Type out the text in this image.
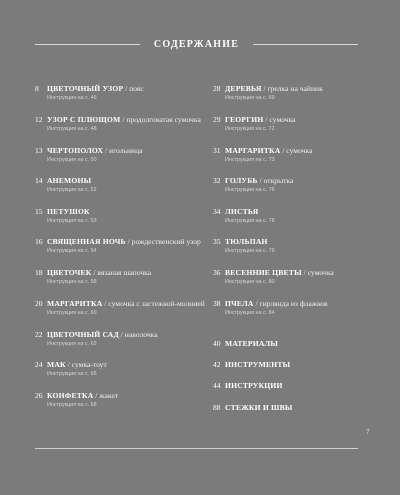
СОДЕРЖАНИЕ
8	ЦВЕТОЧНЫЙ УЗОР / пояс
Инструкция на с. 46
12 УЗОР С ПЛЮЩОМ / продолговатая сумочка
Инструкция на с. 48
13 ЧЕРТОПОЛОХ / игольница
Инструкция на с. 50
14 АНЕМОНЫ
Инструкция на с. 52
15 ПЕТУШОК
Инструкция на с. 53
16 СВЯЩЕННАЯ НОЧЬ / рождественский узор
Инструкция на с. 54
18 ЦВЕТОЧЕК / вязаная шапочка
Инструкция на с. 58
20 МАРГАРИТКА / сумочка с застежкой-молнией
Инструкция на с. 60
22 ЦВЕТОЧНЫЙ САД / наволочка
Инструкция на с. 62
24 МАК / сумка-тоут
Инструкция на с. 66
26 КОНФЕТКА / жакет
Инструкция на с. 68
28 ДЕРЕВЬЯ / грелка на чайник
Инструкция на с. 69
29 ГЕОРГИН / сумочка
Инструкция на с. 72
31 МАРГАРИТКА / сумочка
Инструкция на с. 73
32 ГОЛУБЬ / открытка
Инструкция на с. 76
34 ЛИСТЬЯ
Инструкция на с. 78
35 ТЮЛЬПАН
Инструкция на с. 79
36 ВЕСЕННИЕ ЦВЕТЫ / сумочка
Инструкция на с. 80
38 ПЧЕЛА / гирлянда из флажков
Инструкция на с. 84
40 МАТЕРИАЛЫ
42 ИНСТРУМЕНТЫ
44 ИНСТРУКЦИИ
88 СТЕЖКИ И ШВЫ
7
